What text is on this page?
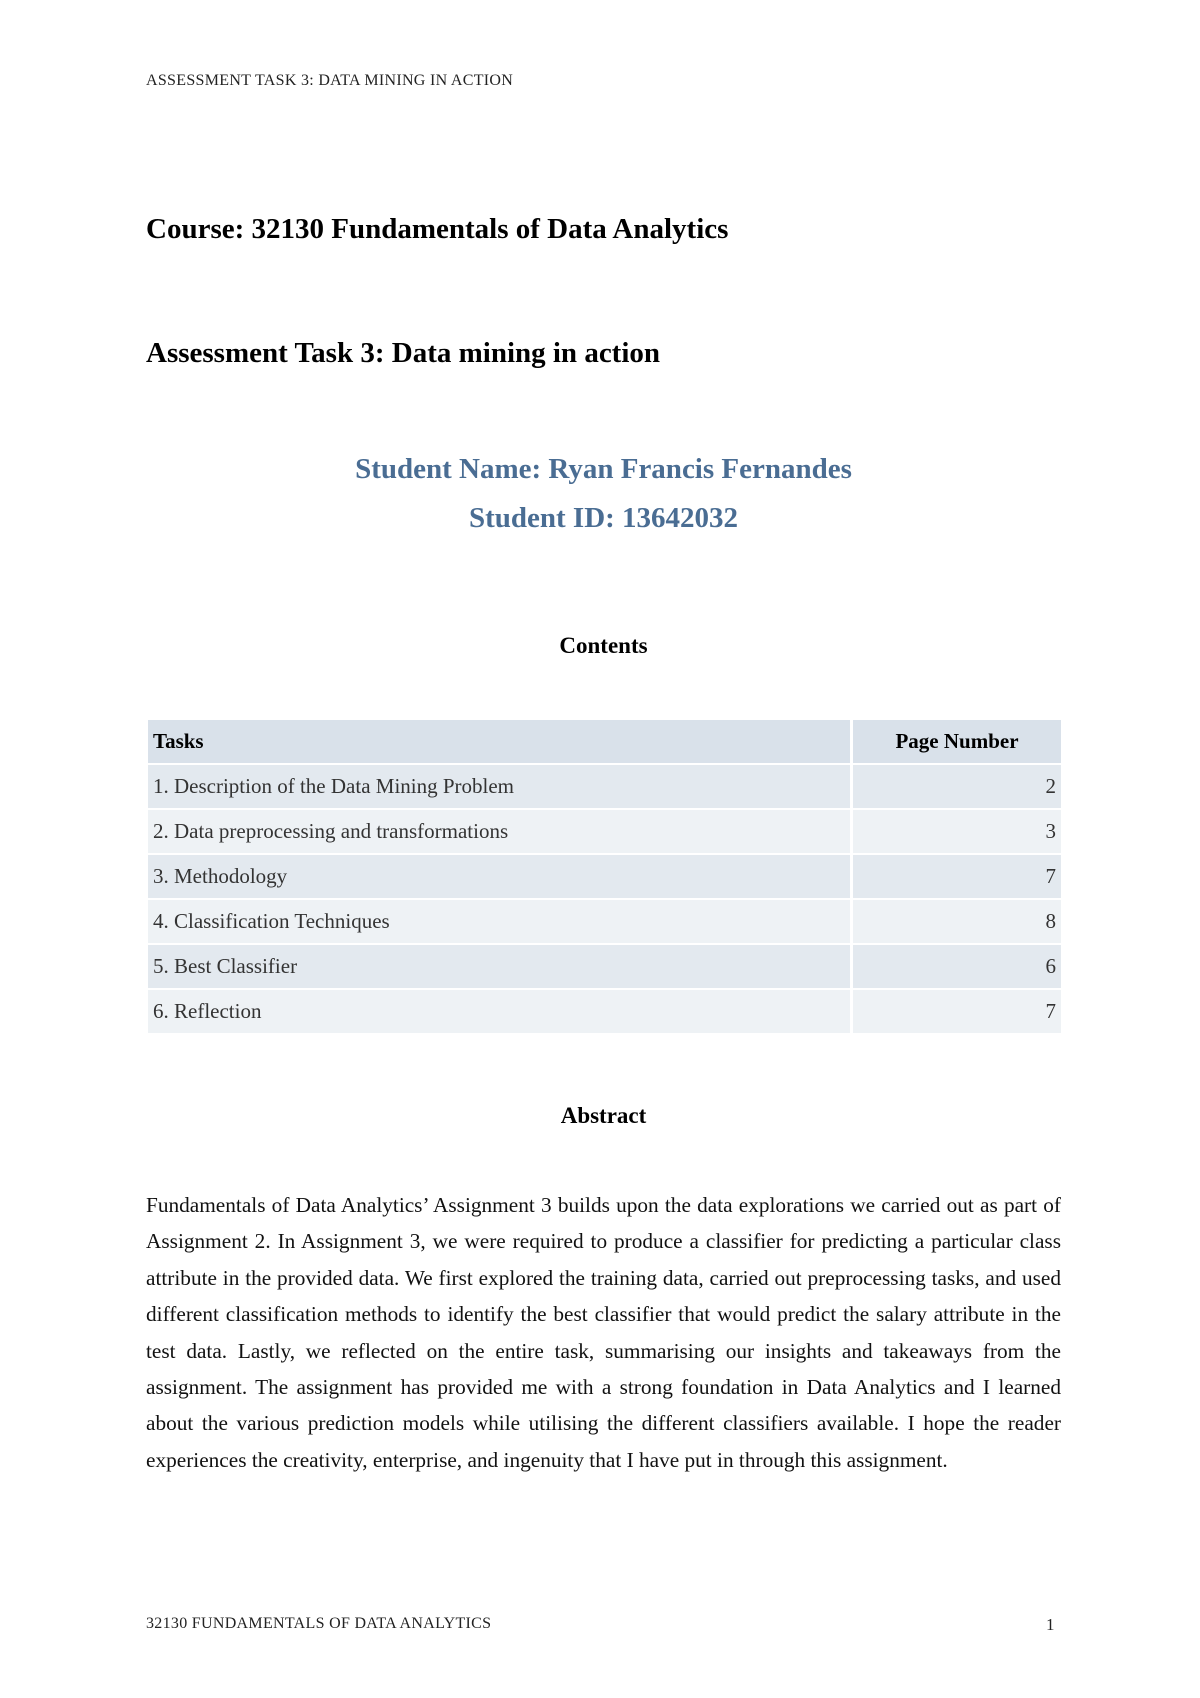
ASSESSMENT TASK 3: DATA MINING IN ACTION
Course: 32130 Fundamentals of Data Analytics
Assessment Task 3: Data mining in action
Student Name: Ryan Francis Fernandes
Student ID: 13642032
Contents
Tasks	Page Number
1. Description of the Data Mining Problem	2
2. Data preprocessing and transformations	3
3. Methodology	7
4. Classification Techniques	8
5. Best Classifier	6
6. Reflection	7
Abstract
Fundamentals of Data Analytics’ Assignment 3 builds upon the data explorations we carried out as part of Assignment 2. In Assignment 3, we were required to produce a classifier for predicting a particular class attribute in the provided data. We first explored the training data, carried out preprocessing tasks, and used different classification methods to identify the best classifier that would predict the salary attribute in the test data. Lastly, we reflected on the entire task, summarising our insights and takeaways from the assignment. The assignment has provided me with a strong foundation in Data Analytics and I learned about the various prediction models while utilising the different classifiers available. I hope the reader experiences the creativity, enterprise, and ingenuity that I have put in through this assignment.
32130 FUNDAMENTALS OF DATA ANALYTICS	1
